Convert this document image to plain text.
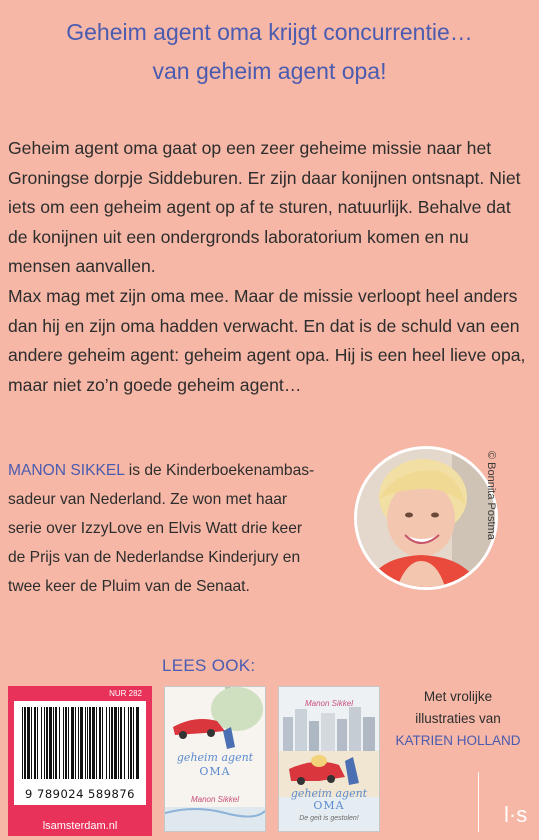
Geheim agent oma krijgt concurrentie…
van geheim agent opa!

Geheim agent oma gaat op een zeer geheime missie naar het Groningse dorpje Siddeburen. Er zijn daar konijnen ontsnapt. Niet iets om een geheim agent op af te sturen, natuurlijk. Behalve dat de konijnen uit een ondergronds laboratorium komen en nu mensen aanvallen.

Max mag met zijn oma mee. Maar de missie verloopt heel anders dan hij en zijn oma hadden verwacht. En dat is de schuld van een andere geheim agent: geheim agent opa. Hij is een heel lieve opa, maar niet zo’n goede geheim agent…

MANON SIKKEL is de Kinderboekenambas-
sadeur van Nederland. Ze won met haar
serie over IzzyLove en Elvis Watt drie keer
de Prijs van de Nederlandse Kinderjury en
twee keer de Pluim van de Senaat.
© Bonnita Postma
LEES OOK:
NUR 282
9 789024 589876
lsamsterdam.nl
geheim agent
OMA
Manon Sikkel
Manon Sikkel
geheim agent
OMA
De geit is gestolen!
Met vrolijke
illustraties van
KATRIEN HOLLAND
l·s
